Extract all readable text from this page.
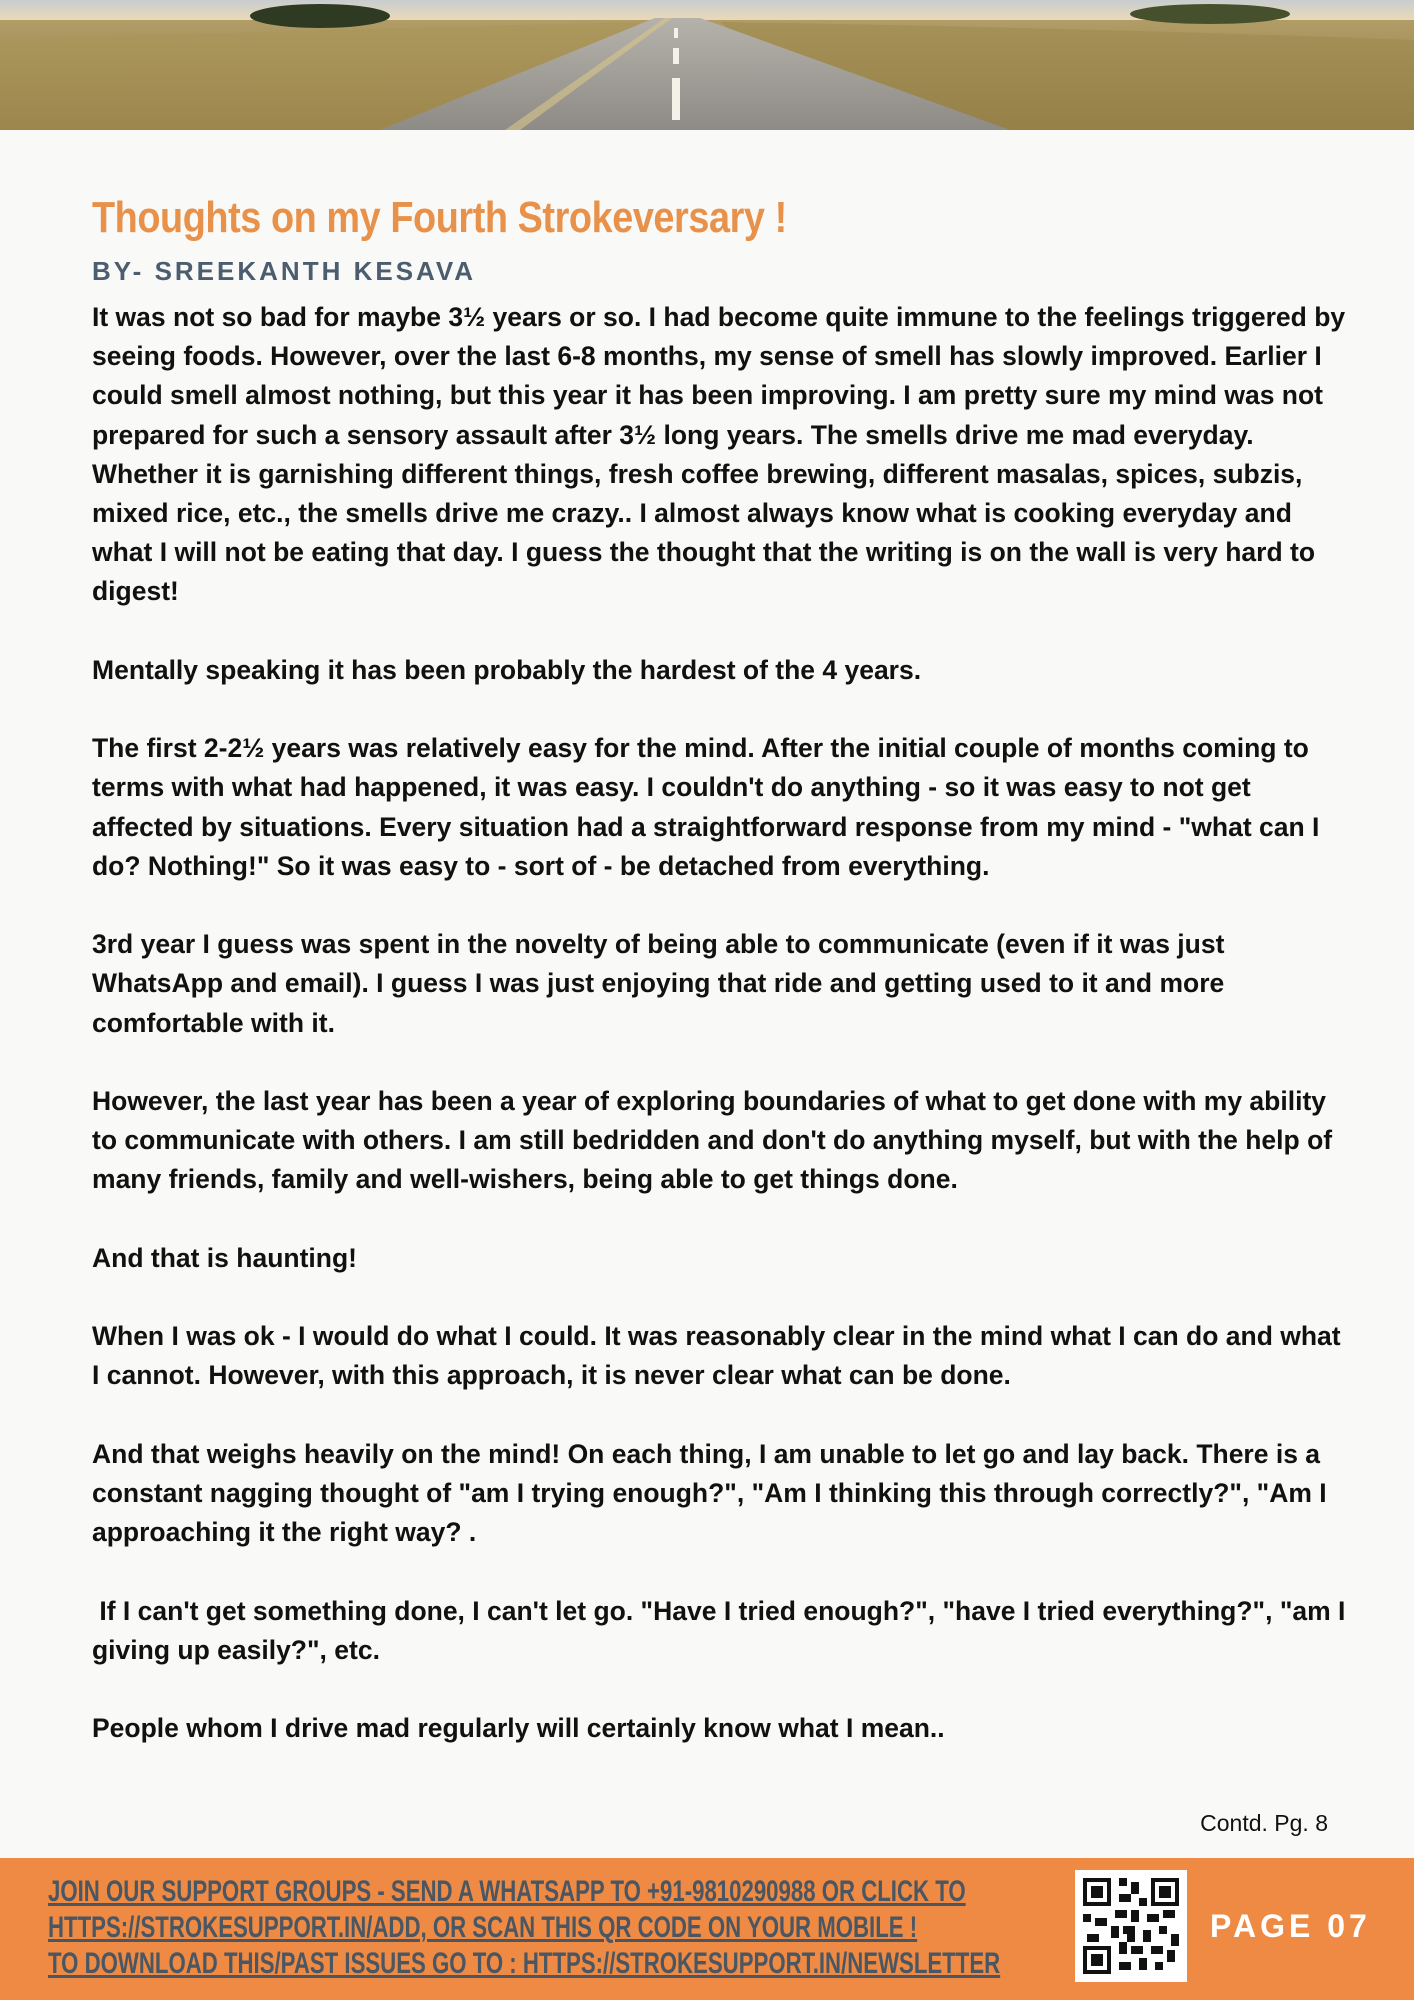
Thoughts on my Fourth Strokeversary !
BY- SREEKANTH KESAVA

It was not so bad for maybe 3½ years or so. I had become quite immune to the feelings triggered by seeing foods. However, over the last 6-8 months, my sense of smell has slowly improved. Earlier I could smell almost nothing, but this year it has been improving. I am pretty sure my mind was not prepared for such a sensory assault after 3½ long years. The smells drive me mad everyday. Whether it is garnishing different things, fresh coffee brewing, different masalas, spices, subzis, mixed rice, etc., the smells drive me crazy.. I almost always know what is cooking everyday and what I will not be eating that day. I guess the thought that the writing is on the wall is very hard to digest!

Mentally speaking it has been probably the hardest of the 4 years.

The first 2-2½ years was relatively easy for the mind. After the initial couple of months coming to terms with what had happened, it was easy. I couldn't do anything - so it was easy to not get affected by situations. Every situation had a straightforward response from my mind - "what can I do? Nothing!" So it was easy to - sort of - be detached from everything.

3rd year I guess was spent in the novelty of being able to communicate (even if it was just WhatsApp and email). I guess I was just enjoying that ride and getting used to it and more comfortable with it.

However, the last year has been a year of exploring boundaries of what to get done with my ability to communicate with others. I am still bedridden and don't do anything myself, but with the help of many friends, family and well-wishers, being able to get things done.

And that is haunting!

When I was ok - I would do what I could. It was reasonably clear in the mind what I can do and what I cannot. However, with this approach, it is never clear what can be done.

And that weighs heavily on the mind! On each thing, I am unable to let go and lay back. There is a constant nagging thought of "am I trying enough?", "Am I thinking this through correctly?", "Am I approaching it the right way? .

If I can't get something done, I can't let go. "Have I tried enough?", "have I tried everything?", "am I giving up easily?", etc.

People whom I drive mad regularly will certainly know what I mean..

Contd. Pg. 8
JOIN OUR SUPPORT GROUPS - SEND A WHATSAPP TO +91-9810290988 OR CLICK TO
HTTPS://STROKESUPPORT.IN/ADD, OR SCAN THIS QR CODE ON YOUR MOBILE !
TO DOWNLOAD THIS/PAST ISSUES GO TO : HTTPS://STROKESUPPORT.IN/NEWSLETTER
PAGE 07
